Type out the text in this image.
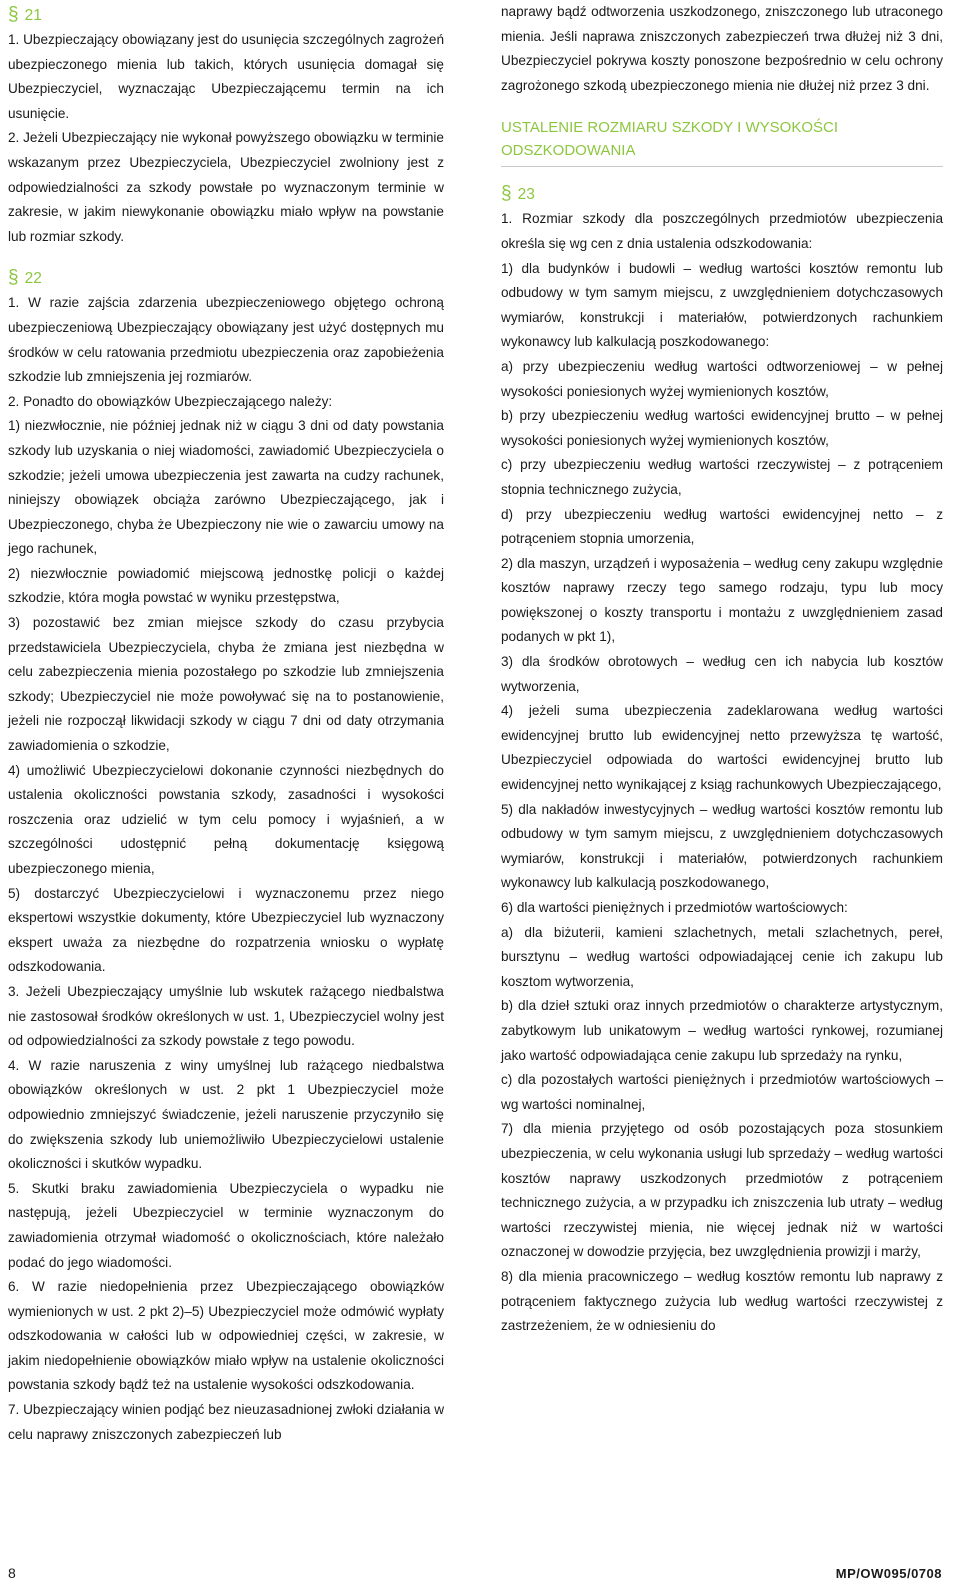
§ 21

1. Ubezpieczający obowiązany jest do usunięcia szczególnych zagrożeń ubezpieczonego mienia lub takich, których usunięcia domagał się Ubezpieczyciel, wyznaczając Ubezpieczającemu termin na ich usunięcie.

2. Jeżeli Ubezpieczający nie wykonał powyższego obowiązku w terminie wskazanym przez Ubezpieczyciela, Ubezpieczyciel zwolniony jest z odpowiedzialności za szkody powstałe po wyznaczonym terminie w zakresie, w jakim niewykonanie obowiązku miało wpływ na powstanie lub rozmiar szkody.

§ 22

1. W razie zajścia zdarzenia ubezpieczeniowego objętego ochroną ubezpieczeniową Ubezpieczający obowiązany jest użyć dostępnych mu środków w celu ratowania przedmiotu ubezpieczenia oraz zapobieżenia szkodzie lub zmniejszenia jej rozmiarów.

2. Ponadto do obowiązków Ubezpieczającego należy:

1) niezwłocznie, nie później jednak niż w ciągu 3 dni od daty powstania szkody lub uzyskania o niej wiadomości, zawiadomić Ubezpieczyciela o szkodzie; jeżeli umowa ubezpieczenia jest zawarta na cudzy rachunek, niniejszy obowiązek obciąża zarówno Ubezpieczającego, jak i Ubezpieczonego, chyba że Ubezpieczony nie wie o zawarciu umowy na jego rachunek,

2) niezwłocznie powiadomić miejscową jednostkę policji o każdej szkodzie, która mogła powstać w wyniku przestępstwa,

3) pozostawić bez zmian miejsce szkody do czasu przybycia przedstawiciela Ubezpieczyciela, chyba że zmiana jest niezbędna w celu zabezpieczenia mienia pozostałego po szkodzie lub zmniejszenia szkody; Ubezpieczyciel nie może powoływać się na to postanowienie, jeżeli nie rozpoczął likwidacji szkody w ciągu 7 dni od daty otrzymania zawiadomienia o szkodzie,

4) umożliwić Ubezpieczycielowi dokonanie czynności niezbędnych do ustalenia okoliczności powstania szkody, zasadności i wysokości roszczenia oraz udzielić w tym celu pomocy i wyjaśnień, a w szczególności udostępnić pełną dokumentację księgową ubezpieczonego mienia,

5) dostarczyć Ubezpieczycielowi i wyznaczonemu przez niego ekspertowi wszystkie dokumenty, które Ubezpieczyciel lub wyznaczony ekspert uważa za niezbędne do rozpatrzenia wniosku o wypłatę odszkodowania.

3. Jeżeli Ubezpieczający umyślnie lub wskutek rażącego niedbalstwa nie zastosował środków określonych w ust. 1, Ubezpieczyciel wolny jest od odpowiedzialności za szkody powstałe z tego powodu.

4. W razie naruszenia z winy umyślnej lub rażącego niedbalstwa obowiązków określonych w ust. 2 pkt 1 Ubezpieczyciel może odpowiednio zmniejszyć świadczenie, jeżeli naruszenie przyczyniło się do zwiększenia szkody lub uniemożliwiło Ubezpieczycielowi ustalenie okoliczności i skutków wypadku.

5. Skutki braku zawiadomienia Ubezpieczyciela o wypadku nie następują, jeżeli Ubezpieczyciel w terminie wyznaczonym do zawiadomienia otrzymał wiadomość o okolicznościach, które należało podać do jego wiadomości.

6. W razie niedopełnienia przez Ubezpieczającego obowiązków wymienionych w ust. 2 pkt 2)–5) Ubezpieczyciel może odmówić wypłaty odszkodowania w całości lub w odpowiedniej części, w zakresie, w jakim niedopełnienie obowiązków miało wpływ na ustalenie okoliczności powstania szkody bądź też na ustalenie wysokości odszkodowania.

7. Ubezpieczający winien podjąć bez nieuzasadnionej zwłoki działania w celu naprawy zniszczonych zabezpieczeń lub

naprawy bądź odtworzenia uszkodzonego, zniszczonego lub utraconego mienia. Jeśli naprawa zniszczonych zabezpieczeń trwa dłużej niż 3 dni, Ubezpieczyciel pokrywa koszty ponoszone bezpośrednio w celu ochrony zagrożonego szkodą ubezpieczonego mienia nie dłużej niż przez 3 dni.

USTALENIE ROZMIARU SZKODY I WYSOKOŚCI ODSZKODOWANIA
§ 23

1. Rozmiar szkody dla poszczególnych przedmiotów ubezpieczenia określa się wg cen z dnia ustalenia odszkodowania:

1) dla budynków i budowli – według wartości kosztów remontu lub odbudowy w tym samym miejscu, z uwzględnieniem dotychczasowych wymiarów, konstrukcji i materiałów, potwierdzonych rachunkiem wykonawcy lub kalkulacją poszkodowanego:

a) przy ubezpieczeniu według wartości odtworzeniowej – w pełnej wysokości poniesionych wyżej wymienionych kosztów,

b) przy ubezpieczeniu według wartości ewidencyjnej brutto – w pełnej wysokości poniesionych wyżej wymienionych kosztów,

c) przy ubezpieczeniu według wartości rzeczywistej – z potrąceniem stopnia technicznego zużycia,

d) przy ubezpieczeniu według wartości ewidencyjnej netto – z potrąceniem stopnia umorzenia,

2) dla maszyn, urządzeń i wyposażenia – według ceny zakupu względnie kosztów naprawy rzeczy tego samego rodzaju, typu lub mocy powiększonej o koszty transportu i montażu z uwzględnieniem zasad podanych w pkt 1),

3) dla środków obrotowych – według cen ich nabycia lub kosztów wytworzenia,

4) jeżeli suma ubezpieczenia zadeklarowana według wartości ewidencyjnej brutto lub ewidencyjnej netto przewyższa tę wartość, Ubezpieczyciel odpowiada do wartości ewidencyjnej brutto lub ewidencyjnej netto wynikającej z ksiąg rachunkowych Ubezpieczającego,

5) dla nakładów inwestycyjnych – według wartości kosztów remontu lub odbudowy w tym samym miejscu, z uwzględnieniem dotychczasowych wymiarów, konstrukcji i materiałów, potwierdzonych rachunkiem wykonawcy lub kalkulacją poszkodowanego,

6) dla wartości pieniężnych i przedmiotów wartościowych:

a) dla biżuterii, kamieni szlachetnych, metali szlachetnych, pereł, bursztynu – według wartości odpowiadającej cenie ich zakupu lub kosztom wytworzenia,

b) dla dzieł sztuki oraz innych przedmiotów o charakterze artystycznym, zabytkowym lub unikatowym – według wartości rynkowej, rozumianej jako wartość odpowiadająca cenie zakupu lub sprzedaży na rynku,

c) dla pozostałych wartości pieniężnych i przedmiotów wartościowych – wg wartości nominalnej,

7) dla mienia przyjętego od osób pozostających poza stosunkiem ubezpieczenia, w celu wykonania usługi lub sprzedaży – według wartości kosztów naprawy uszkodzonych przedmiotów z potrąceniem technicznego zużycia, a w przypadku ich zniszczenia lub utraty – według wartości rzeczywistej mienia, nie więcej jednak niż w wartości oznaczonej w dowodzie przyjęcia, bez uwzględnienia prowizji i marży,

8) dla mienia pracowniczego – według kosztów remontu lub naprawy z potrąceniem faktycznego zużycia lub według wartości rzeczywistej z zastrzeżeniem, że w odniesieniu do

8	MP/OW095/0708
